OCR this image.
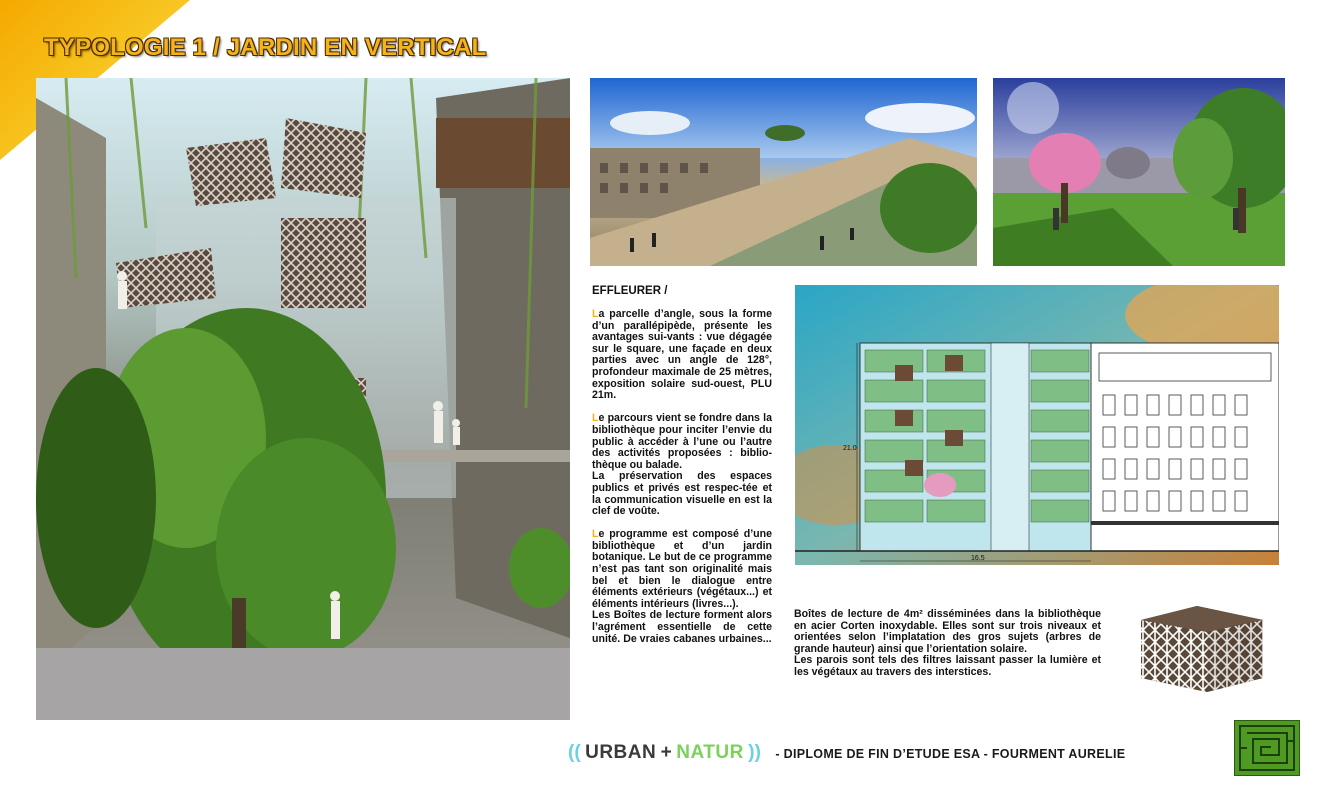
TYPOLOGIE 1 / JARDIN EN VERTICAL
EFFLEURER /

La parcelle d’angle, sous la forme d’un parallépipède, présente les avantages sui-vants : vue dégagée sur le square, une façade en deux parties avec un angle de 128°, profondeur maximale de 25 mètres, exposition solaire sud-ouest, PLU 21m.

Le parcours vient se fondre dans la bibliothèque pour inciter l’envie du public à accéder à l’une ou l’autre des activités proposées : biblio-thèque ou balade.
La préservation des espaces publics et privés est respec-tée et la communication visuelle en est la clef de voûte.

Le programme est composé d’une bibliothèque et d’un jardin botanique. Le but de ce programme n’est pas tant son originalité mais bel et bien le dialogue entre éléments extérieurs (végétaux...) et éléments intérieurs (livres...).
Les Boîtes de lecture forment alors l’agrément essentielle de cette unité. De vraies cabanes urbaines...

21.0
16.5

Boîtes de lecture de 4m² disséminées dans la bibliothèque en acier Corten inoxydable. Elles sont sur trois niveaux et orientées selon l’implatation des gros sujets (arbres de grande hauteur) ainsi que l’orientation solaire.

Les parois sont tels des filtres laissant passer la lumière et les végétaux au travers des interstices.

(( URBAN + NATUR )) - DIPLOME DE FIN D’ETUDE ESA - FOURMENT AURELIE
